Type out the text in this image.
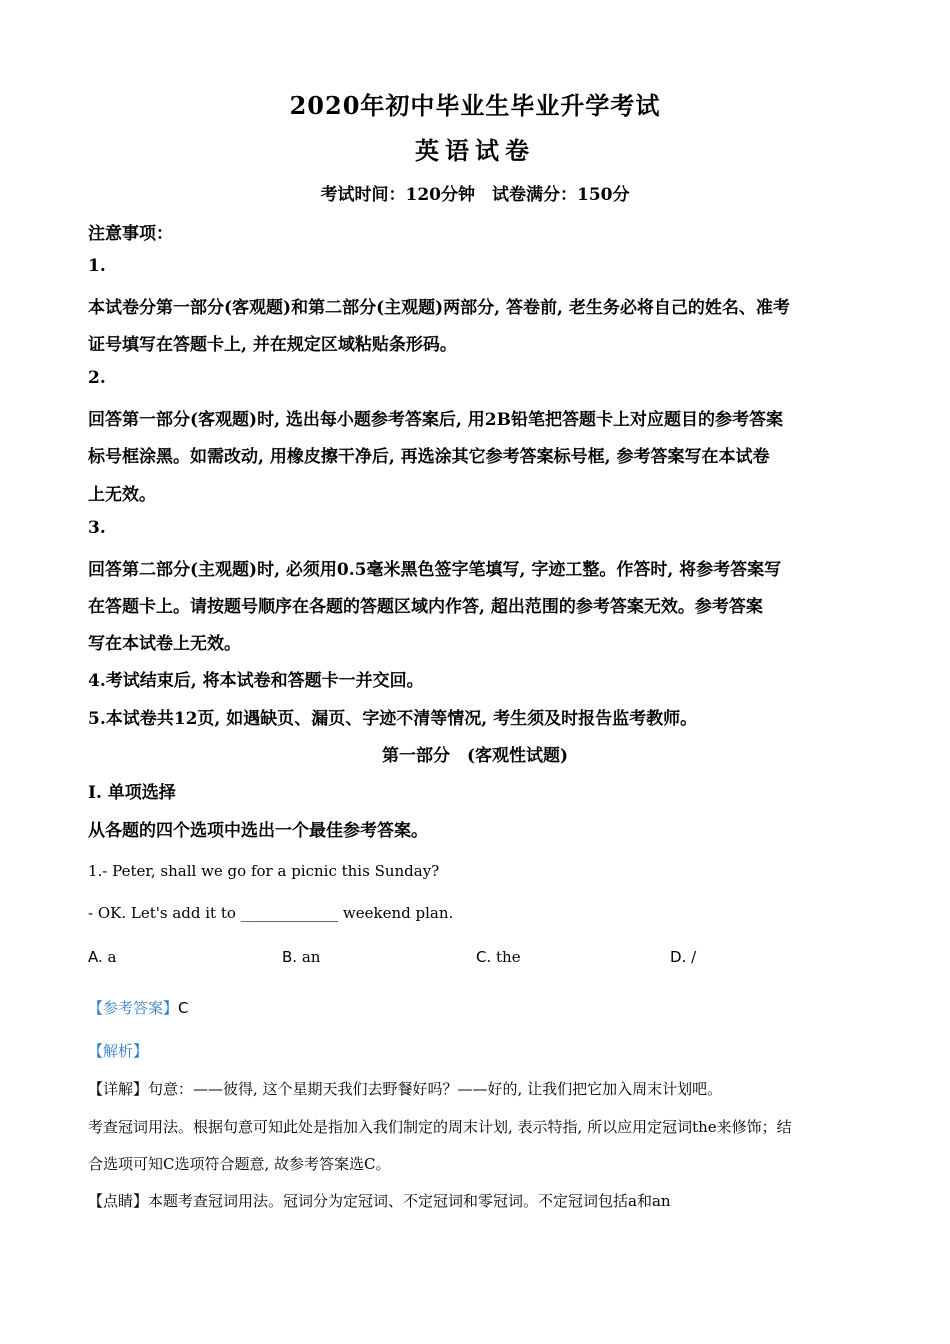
2020年初中毕业生毕业升学考试
英语试卷
考试时间：120分钟　试卷满分：150分
注意事项：
1.
本试卷分第一部分(客观题)和第二部分(主观题)两部分, 答卷前, 老生务必将自己的姓名、准考
证号填写在答题卡上, 并在规定区域粘贴条形码。
2.
回答第一部分(客观题)时, 选出每小题参考答案后, 用2B铅笔把答题卡上对应题目的参考答案
标号框涂黑。如需改动, 用橡皮擦干净后, 再选涂其它参考答案标号框, 参考答案写在本试卷
上无效。
3.
回答第二部分(主观题)时, 必须用0.5毫米黑色签字笔填写, 字迹工整。作答时, 将参考答案写
在答题卡上。请按题号顺序在各题的答题区域内作答, 超出范围的参考答案无效。参考答案
写在本试卷上无效。
4.考试结束后, 将本试卷和答题卡一并交回。
5.本试卷共12页, 如遇缺页、漏页、字迹不清等情况, 考生须及时报告监考教师。
第一部分　(客观性试题)
I. 单项选择
从各题的四个选项中选出一个最佳参考答案。
1.- Peter, shall we go for a picnic this Sunday?
- OK. Let's add it to _____________ weekend plan.
A. a	B. an	C. the	D. /
【参考答案】C
【解析】
【详解】句意：——彼得, 这个星期天我们去野餐好吗？——好的, 让我们把它加入周末计划吧。
考查冠词用法。根据句意可知此处是指加入我们制定的周末计划, 表示特指, 所以应用定冠词the来修饰；结
合选项可知C选项符合题意, 故参考答案选C。
【点睛】本题考查冠词用法。冠词分为定冠词、不定冠词和零冠词。不定冠词包括a和an
